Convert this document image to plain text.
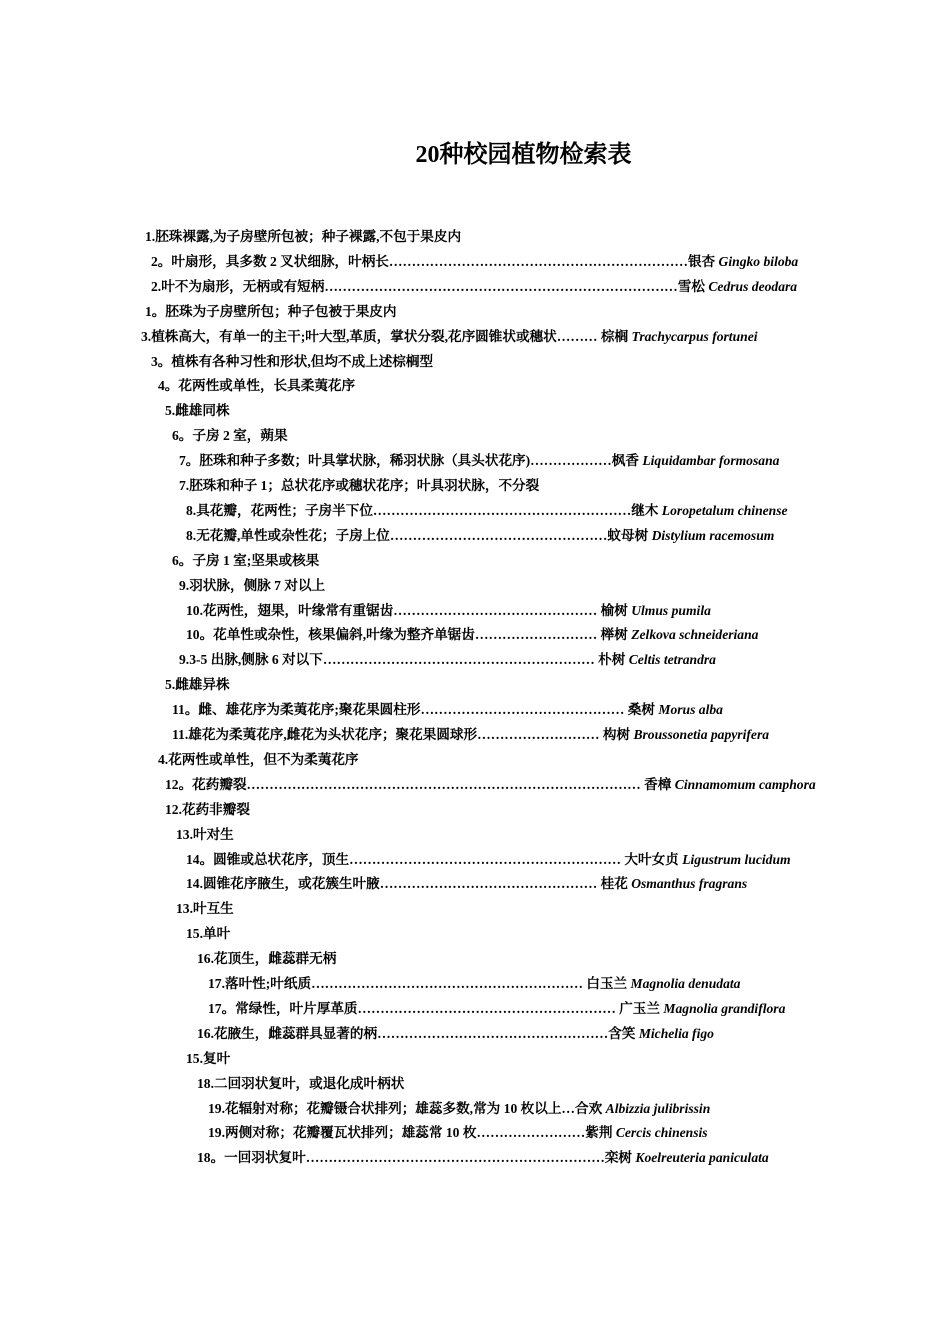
20种校园植物检索表
1.胚珠裸露,为子房壁所包被；种子裸露,不包于果皮内
2。叶扇形，具多数 2 叉状细脉，叶柄长…………………………………………………………银杏 Gingko biloba
2.叶不为扇形，无柄或有短柄……………………………………………………………………雪松 Cedrus deodara
1。胚珠为子房壁所包；种子包被于果皮内
3.植株高大，有单一的主干;叶大型,革质，掌状分裂,花序圆锥状或穗状……… 棕榈 Trachycarpus fortunei
3。植株有各种习性和形状,但均不成上述棕榈型
4。花两性或单性，长具柔荑花序
5.雌雄同株
6。子房 2 室，蒴果
7。胚珠和种子多数；叶具掌状脉，稀羽状脉（具头状花序)………………枫香 Liquidambar formosana
7.胚珠和种子 1；总状花序或穗状花序；叶具羽状脉，不分裂
8.具花瓣，花两性；子房半下位…………………………………………………继木 Loropetalum chinense
8.无花瓣,单性或杂性花；子房上位…………………………………………蚊母树 Distylium racemosum
6。子房 1 室;坚果或核果
9.羽状脉，侧脉 7 对以上
10.花两性，翅果，叶缘常有重锯齿……………………………………… 榆树 Ulmus pumila
10。花单性或杂性，核果偏斜,叶缘为整齐单锯齿……………………… 榉树 Zelkova schneideriana
9.3-5 出脉,侧脉 6 对以下…………………………………………………… 朴树 Celtis tetrandra
5.雌雄异株
11。雌、雄花序为柔荑花序;聚花果圆柱形……………………………………… 桑树 Morus alba
11.雄花为柔荑花序,雌花为头状花序；聚花果圆球形……………………… 构树 Broussonetia papyrifera
4.花两性或单性，但不为柔荑花序
12。花药瓣裂…………………………………………………………………………… 香樟 Cinnamomum camphora
12.花药非瓣裂
13.叶对生
14。圆锥或总状花序，顶生…………………………………………………… 大叶女贞 Ligustrum lucidum
14.圆锥花序腋生，或花簇生叶腋………………………………………… 桂花 Osmanthus fragrans
13.叶互生
15.单叶
16.花顶生，雌蕊群无柄
17.落叶性;叶纸质…………………………………………………… 白玉兰 Magnolia denudata
17。常绿性，叶片厚革质………………………………………………… 广玉兰 Magnolia grandiflora
16.花腋生，雌蕊群具显著的柄……………………………………………含笑 Michelia figo
15.复叶
18.二回羽状复叶，或退化成叶柄状
19.花辐射对称；花瓣镊合状排列；雄蕊多数,常为 10 枚以上…合欢 Albizzia julibrissin
19.两侧对称；花瓣覆瓦状排列；雄蕊常 10 枚……………………紫荆 Cercis chinensis
18。一回羽状复叶…………………………………………………………栾树 Koelreuteria paniculata
